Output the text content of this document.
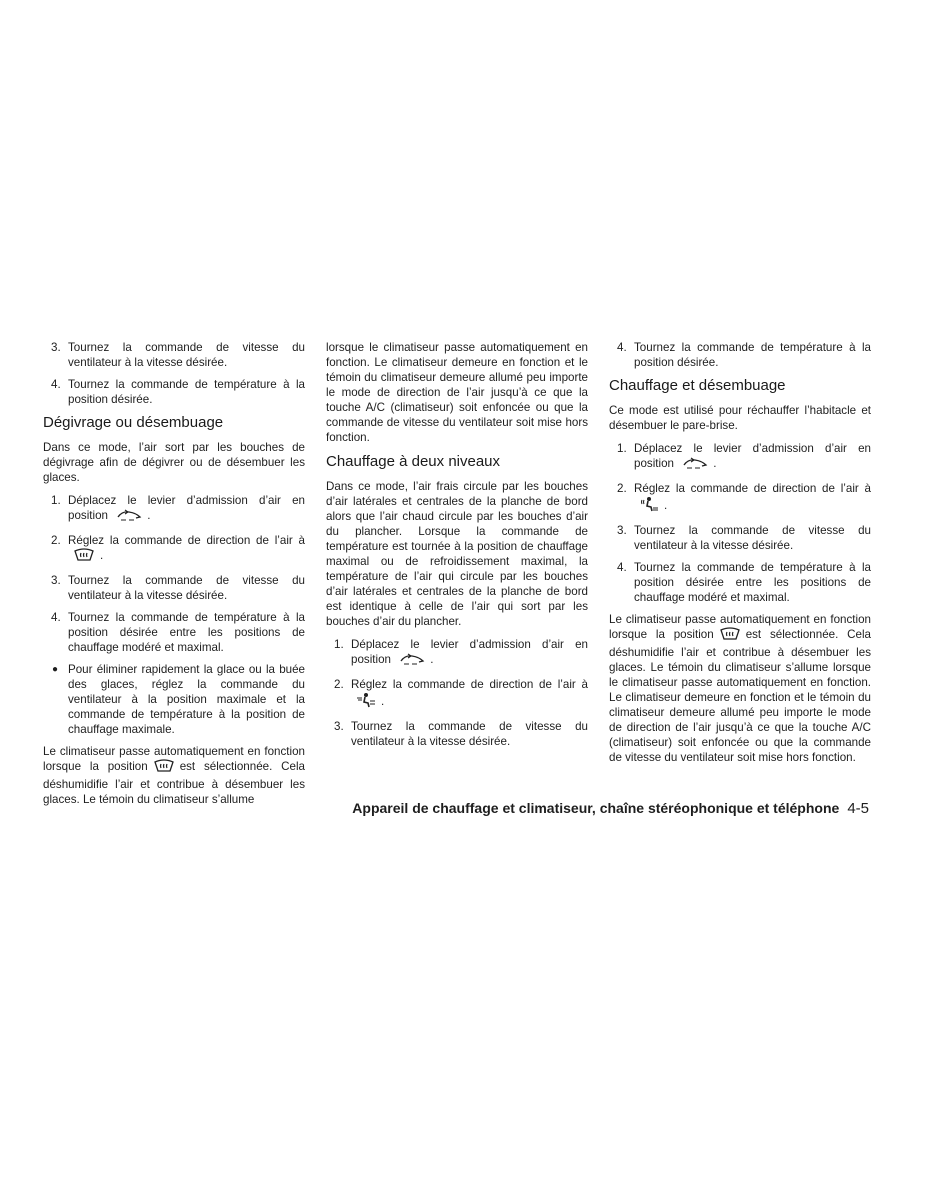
3. Tournez la commande de vitesse du ventilateur à la vitesse désirée.
4. Tournez la commande de température à la position désirée.
Dégivrage ou désembuage

Dans ce mode, l’air sort par les bouches de dégivrage afin de dégivrer ou de désembuer les glaces.

1. Déplacez le levier d’admission d’air en position	.
2. Réglez la commande de direction de l’air à .
3. Tournez la commande de vitesse du ventilateur à la vitesse désirée.
4. Tournez la commande de température à la position désirée entre les positions de chauffage modéré et maximal.
● Pour éliminer rapidement la glace ou la buée des glaces, réglez la commande du ventilateur à la position maximale et la commande de température à la position de chauffage maximale.

Le climatiseur passe automatiquement en fonction lorsque la position	est sélectionnée. Cela déshumidifie l’air et contribue à désembuer les glaces. Le témoin du climatiseur s’allume

lorsque le climatiseur passe automatiquement en fonction. Le climatiseur demeure en fonction et le témoin du climatiseur demeure allumé peu importe le mode de direction de l’air jusqu’à ce que la touche A/C (climatiseur) soit enfoncée ou que la commande de vitesse du ventilateur soit mise hors fonction.

Chauffage à deux niveaux

Dans ce mode, l’air frais circule par les bouches d’air latérales et centrales de la planche de bord alors que l’air chaud circule par les bouches d’air du plancher. Lorsque la commande de température est tournée à la position de chauffage maximal ou de refroidissement maximal, la température de l’air qui circule par les bouches d’air latérales et centrales de la planche de bord est identique à celle de l’air qui sort par les bouches d’air du plancher.

1. Déplacez le levier d’admission d’air en position	.
2. Réglez la commande de direction de l’air à .
3. Tournez la commande de vitesse du ventilateur à la vitesse désirée.
4. Tournez la commande de température à la position désirée.
Chauffage et désembuage

Ce mode est utilisé pour réchauffer l’habitacle et désembuer le pare-brise.

1. Déplacez le levier d’admission d’air en position	.
2. Réglez la commande de direction de l’air à .
3. Tournez la commande de vitesse du ventilateur à la vitesse désirée.
4. Tournez la commande de température à la position désirée entre les positions de chauffage modéré et maximal.

Le climatiseur passe automatiquement en fonction lorsque la position	est sélectionnée. Cela déshumidifie l’air et contribue à désembuer les glaces. Le témoin du climatiseur s’allume lorsque le climatiseur passe automatiquement en fonction. Le climatiseur demeure en fonction et le témoin du climatiseur demeure allumé peu importe le mode de direction de l’air jusqu’à ce que la touche A/C (climatiseur) soit enfoncée ou que la commande de vitesse du ventilateur soit mise hors fonction.

Appareil de chauffage et climatiseur, chaîne stéréophonique et téléphone 4-5
